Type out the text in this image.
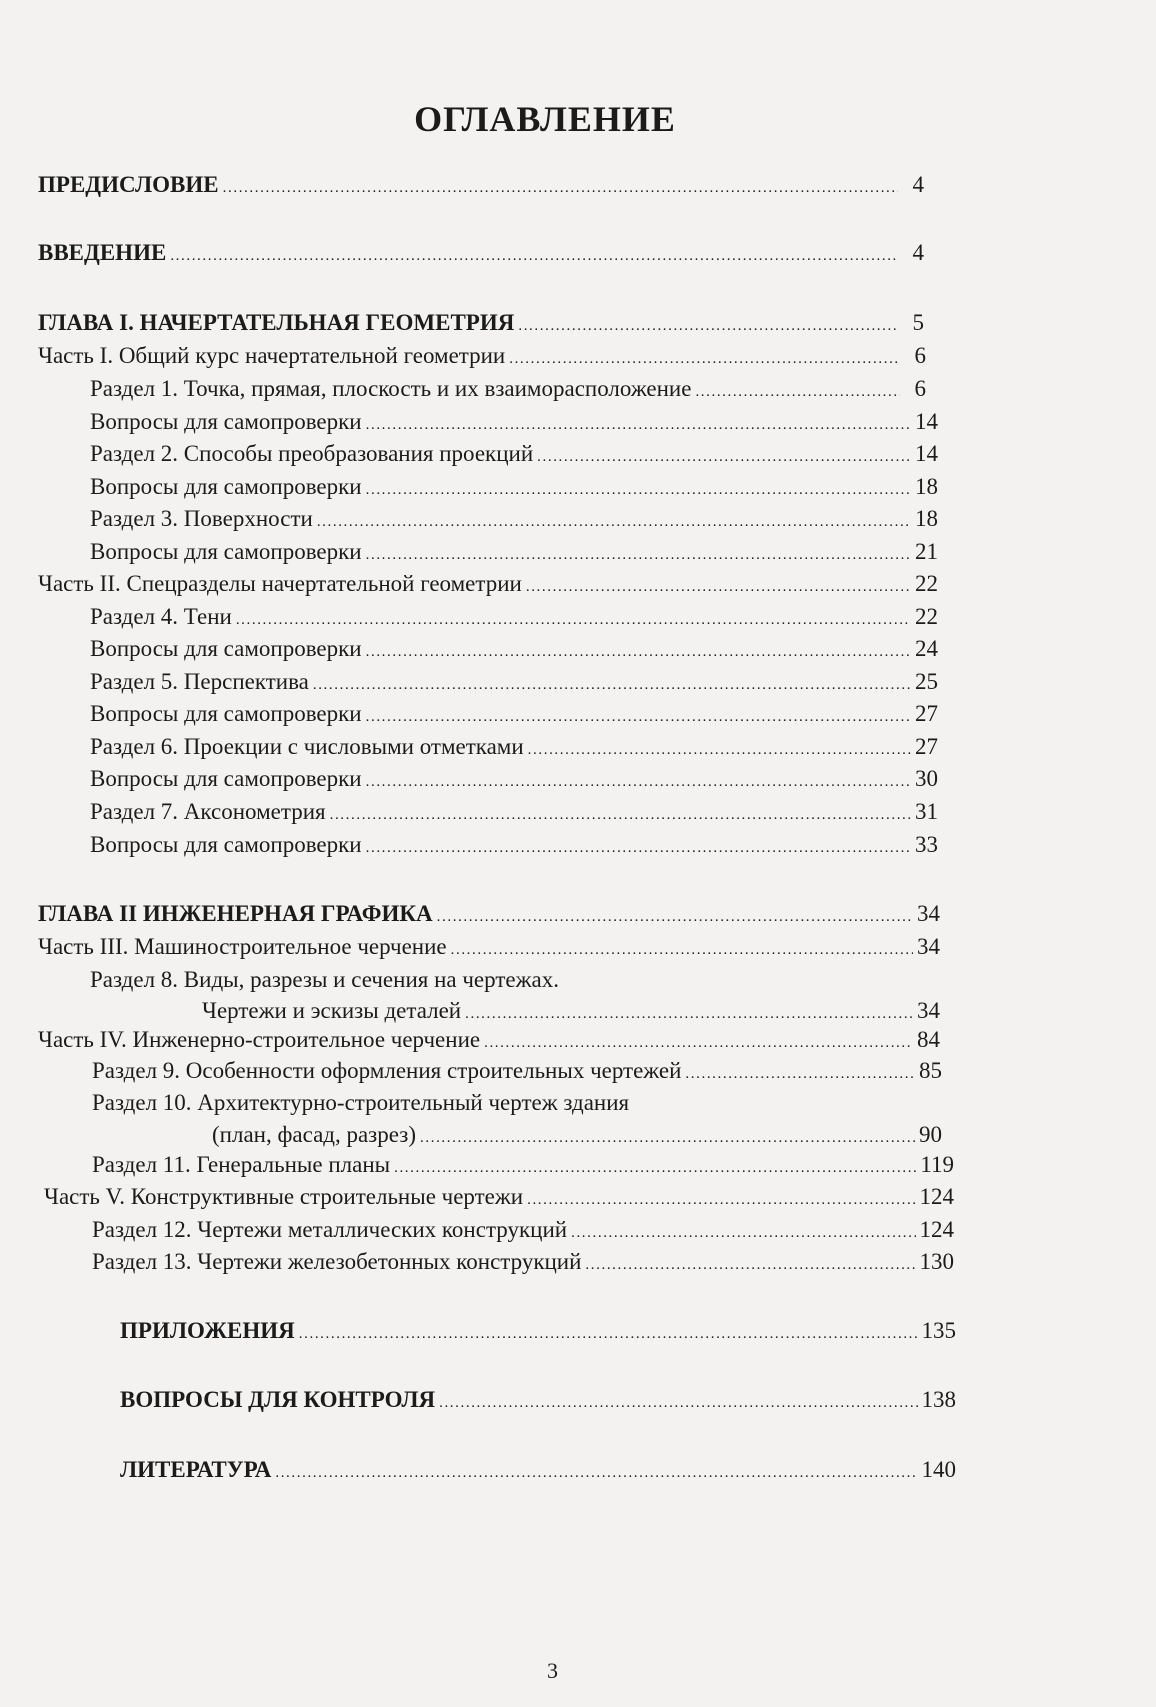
ОГЛАВЛЕНИЕ
ПРЕДИСЛОВИЕ .....	4
ВВЕДЕНИЕ .....	4
ГЛАВА I. НАЧЕРТАТЕЛЬНАЯ ГЕОМЕТРИЯ .....	5
Часть I. Общий курс начертательной геометрии .....	6
Раздел 1. Точка, прямая, плоскость и их взаиморасположение .....	6
Вопросы для самопроверки .....	14
Раздел 2. Способы преобразования проекций .....	14
Вопросы для самопроверки .....	18
Раздел 3. Поверхности .....	18
Вопросы для самопроверки .....	21
Часть II. Спецразделы начертательной геометрии .....	22
Раздел 4. Тени .....	22
Вопросы для самопроверки .....	24
Раздел 5. Перспектива .....	25
Вопросы для самопроверки .....	27
Раздел 6. Проекции с числовыми отметками .....	27
Вопросы для самопроверки .....	30
Раздел 7. Аксонометрия .....	31
Вопросы для самопроверки .....	33
ГЛАВА II ИНЖЕНЕРНАЯ ГРАФИКА .....	34
Часть III. Машиностроительное черчение .....	34
Раздел 8. Виды, разрезы и сечения на чертежах.
Чертежи и эскизы деталей .....	34
Часть IV. Инженерно-строительное черчение .....	84
Раздел 9. Особенности оформления строительных чертежей .....	85
Раздел 10. Архитектурно-строительный чертеж здания
(план, фасад, разрез) .....	90
Раздел 11. Генеральные планы .....	119
Часть V. Конструктивные строительные чертежи .....	124
Раздел 12. Чертежи металлических конструкций .....	124
Раздел 13. Чертежи железобетонных конструкций .....	130
ПРИЛОЖЕНИЯ .....	135
ВОПРОСЫ ДЛЯ КОНТРОЛЯ .....	138
ЛИТЕРАТУРА .....	140
3
